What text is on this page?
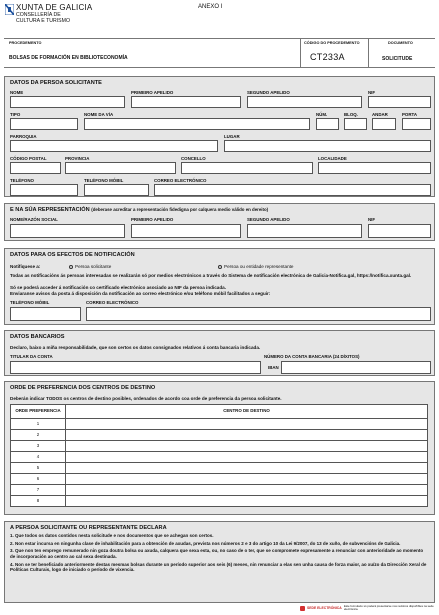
XUNTA DE GALICIA
CONSELLERÍA DE
CULTURA E TURISMO
ANEXO I
PROCEDEMENTO
BOLSAS DE FORMACIÓN EN BIBLIOTECONOMÍA
CÓDIGO DO PROCEDEMENTO
CT233A
DOCUMENTO
SOLICITUDE
DATOS DA PERSOA SOLICITANTE
NOME	PRIMEIRO APELIDO	SEGUNDO APELIDO	NIF
TIPO	NOME DA VÍA	NÚM.	BLOQ.	ANDAR	PORTA
PARROQUIA	LUGAR
CÓDIGO POSTAL	PROVINCIA	CONCELLO	LOCALIDADE
TELÉFONO	TELÉFONO MÓBIL	CORREO ELECTRÓNICO
E NA SÚA REPRESENTACIÓN (deberase acreditar a representación fidedigna por calquera medio válido en dereito)
NOME/RAZÓN SOCIAL	PRIMEIRO APELIDO	SEGUNDO APELIDO	NIF
DATOS PARA OS EFECTOS DE NOTIFICACIÓN
Notifíquese a:	Persoa solicitante	Persoa ou entidade representante
Todas as notificacións ás persoas interesadas se realizarán só por medios electrónicos a través do Sistema de notificación electrónica de Galicia-Notifica.gal, https://notifica.xunta.gal.
Só se poderá acceder á notificación co certificado electrónico asociado ao NIF da persoa indicada.
Enviaranse avisos da posta á disposición da notificación ao correo electrónico e/ou teléfono móbil facilitados a seguir:
TELÉFONO MÓBIL	CORREO ELECTRÓNICO
DATOS BANCARIOS
Declaro, baixo a miña responsabilidade, que son certos os datos consignados relativos á conta bancaria indicada.
TITULAR DA CONTA	NÚMERO DA CONTA BANCARIA (24 DÍXITOS)
IBAN
ORDE DE PREFERENCIA DOS CENTROS DE DESTINO
Deberán indicar TODOS os centros de destino posibles, ordenados de acordo coa orde de preferencia da persoa solicitante.
ORDE PREFERENCIA	CENTRO DE DESTINO
1	
2	
3	
4	
5	
6	
7	
8	
A PERSOA SOLICITANTE OU REPRESENTANTE DECLARA
1. Que todos os datos contidos nesta solicitude e nos documentos que se achegan son certos.
2. Non estar incursa en ningunha clase de inhabilitación para a obtención de axudas, prevista nos números 2 e 3 do artigo 10 da Lei 9/2007, do 13 de xuño, de subvencións de Galicia.
3. Que non ten emprego remunerado nin goza doutra bolsa ou axuda, calquera que sexa esta, ou, no caso de o ter, que se compromete expresamente a renunciar con anterioridade ao momento de incorporación ao centro ao cal sexa destinada.
4. Non se ter beneficiado anteriormente destas mesmas bolsas durante un período superior aos seis (6) meses, nin renunciar a elas sen unha causa de forza maior, ao xuízo da Dirección Xeral de Políticas Culturais, logo de iniciado o período de vixencia.
SEDE ELECTRÓNICA Este formulario só poderá presentarse nos rexistros dispoñibles na sede electrónica.
